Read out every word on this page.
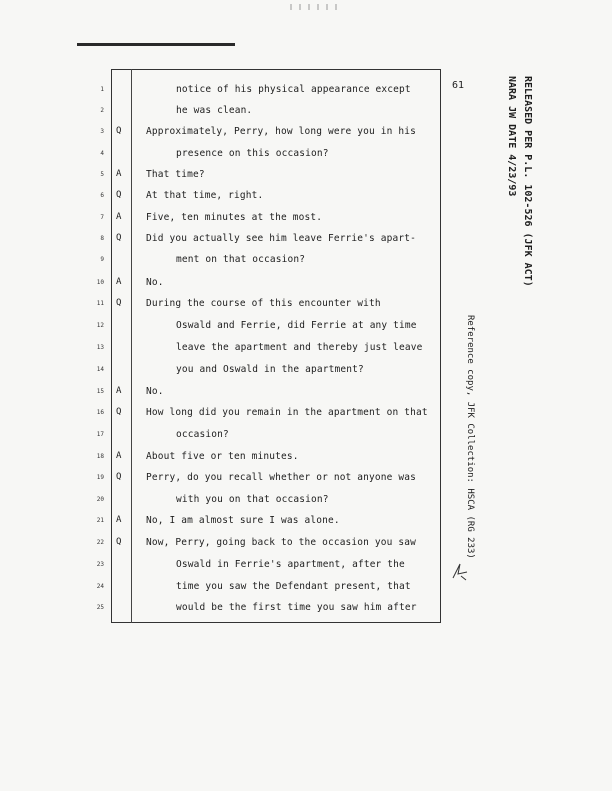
61	RELEASED PER P.L. 102-526 (JFK ACT)
NARA JW DATE 4/23/93
Reference copy, JFK Collection: HSCA (RG 233)
1	notice of his physical appearance except
2	he was clean.
3 Q	Approximately, Perry, how long were you in his
4	presence on this occasion?
5 A	That time?
6 Q	At that time, right.
7 A	Five, ten minutes at the most.
8 Q	Did you actually see him leave Ferrie's apart-
9	ment on that occasion?
10 A	No.
11 Q	During the course of this encounter with
12	Oswald and Ferrie, did Ferrie at any time
13	leave the apartment and thereby just leave
14	you and Oswald in the apartment?
15 A	No.
16 Q	How long did you remain in the apartment on that
17	occasion?
18 A	About five or ten minutes.
19 Q	Perry, do you recall whether or not anyone was
20	with you on that occasion?
21 A	No, I am almost sure I was alone.
22 Q	Now, Perry, going back to the occasion you saw
23	Oswald in Ferrie's apartment, after the
24	time you saw the Defendant present, that
25	would be the first time you saw him after
